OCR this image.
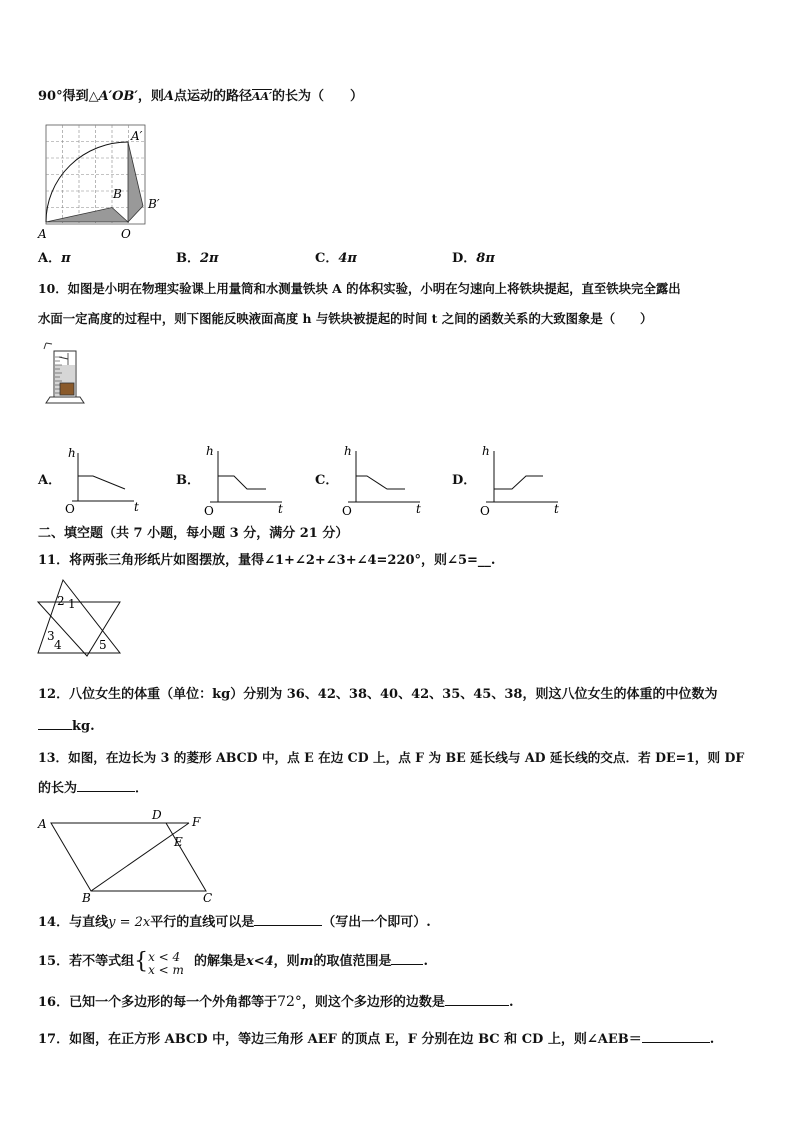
90°得到△A′OB′，则A点运动的路径AA′的长为（　　）
A	O
B
A′
B′
A．π	B．2π	C．4π	D．8π
10．如图是小明在物理实验课上用量筒和水测量铁块 A 的体积实验，小明在匀速向上将铁块提起，直至铁块完全露出
水面一定高度的过程中，则下图能反映液面高度 h 与铁块被提起的时间 t 之间的函数关系的大致图象是（　　）
A．
h
t
O
B．
h
t
O
C．
h
t
O
D．
h
t
O
二、填空题（共 7 小题，每小题 3 分，满分 21 分）
11．将两张三角形纸片如图摆放，量得∠1+∠2+∠3+∠4=220°，则∠5=__.
2 1
3
4	5
12．八位女生的体重（单位：kg）分别为 36、42、38、40、42、35、45、38，则这八位女生的体重的中位数为
kg.
13．如图，在边长为 3 的菱形 ABCD 中，点 E 在边 CD 上，点 F 为 BE 延长线与 AD 延长线的交点．若 DE=1，则 DF
的长为	．
A
D	F
E
B	C
14．与直线y = 2x平行的直线可以是	（写出一个即可）.
15．若不等式组{x < 4
x < m的解集是x<4，则m的取值范围是 .
16．已知一个多边形的每一个外角都等于72°，则这个多边形的边数是	.
17．如图，在正方形 ABCD 中，等边三角形 AEF 的顶点 E，F 分别在边 BC 和 CD 上，则∠AEB＝	.
